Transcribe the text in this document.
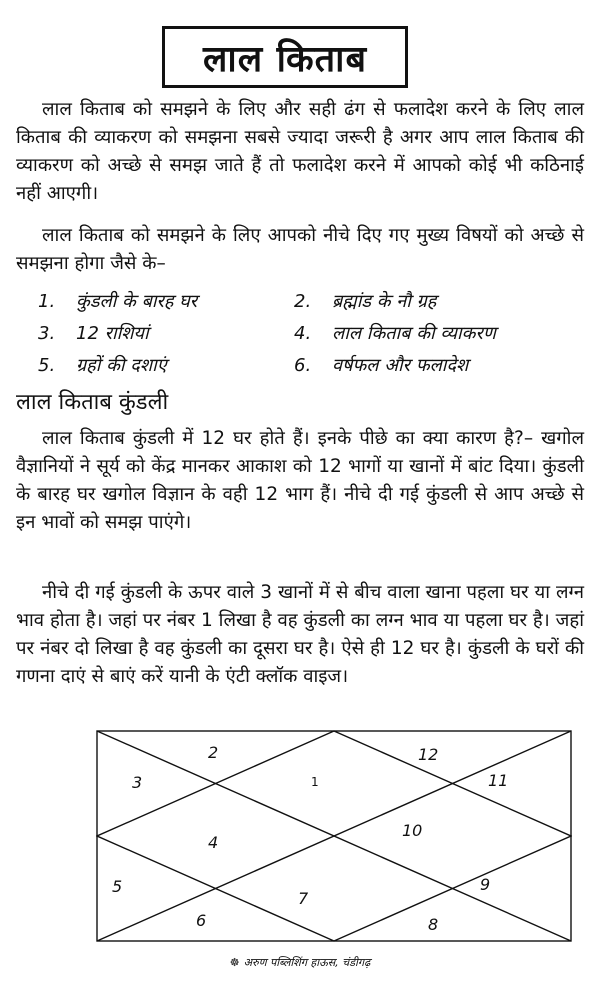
लाल किताब

लाल किताब को समझने के लिए और सही ढंग से फलादेश करने के लिए लाल किताब की व्याकरण को समझना सबसे ज्यादा जरूरी है अगर आप लाल किताब की व्याकरण को अच्छे से समझ जाते हैं तो फलादेश करने में आपको कोई भी कठिनाई नहीं आएगी।

लाल किताब को समझने के लिए आपको नीचे दिए गए मुख्य विषयों को अच्छे से समझना होगा जैसे के–

1.	कुंडली के बारह घर	2.	ब्रह्मांड के नौ ग्रह
3.	12 राशियां	4.	लाल किताब की व्याकरण
5.	ग्रहों की दशाएं	6.	वर्षफल और फलादेश
लाल किताब कुंडली

लाल किताब कुंडली में 12 घर होते हैं। इनके पीछे का क्या कारण है?– खगोल वैज्ञानियों ने सूर्य को केंद्र मानकर आकाश को 12 भागों या खानों में बांट दिया। कुंडली के बारह घर खगोल विज्ञान के वही 12 भाग हैं। नीचे दी गई कुंडली से आप अच्छे से इन भावों को समझ पाएंगे।

नीचे दी गई कुंडली के ऊपर वाले 3 खानों में से बीच वाला खाना पहला घर या लग्न भाव होता है। जहां पर नंबर 1 लिखा है वह कुंडली का लग्न भाव या पहला घर है। जहां पर नंबर दो लिखा है वह कुंडली का दूसरा घर है। ऐसे ही 12 घर है। कुंडली के घरों की गणना दाएं से बाएं करें यानी के एंटी क्लॉक वाइज।

1
2
3
4
5
6
7
8
9
10
11
12
☸ अरुण पब्लिशिंग हाऊस, चंडीगढ़
